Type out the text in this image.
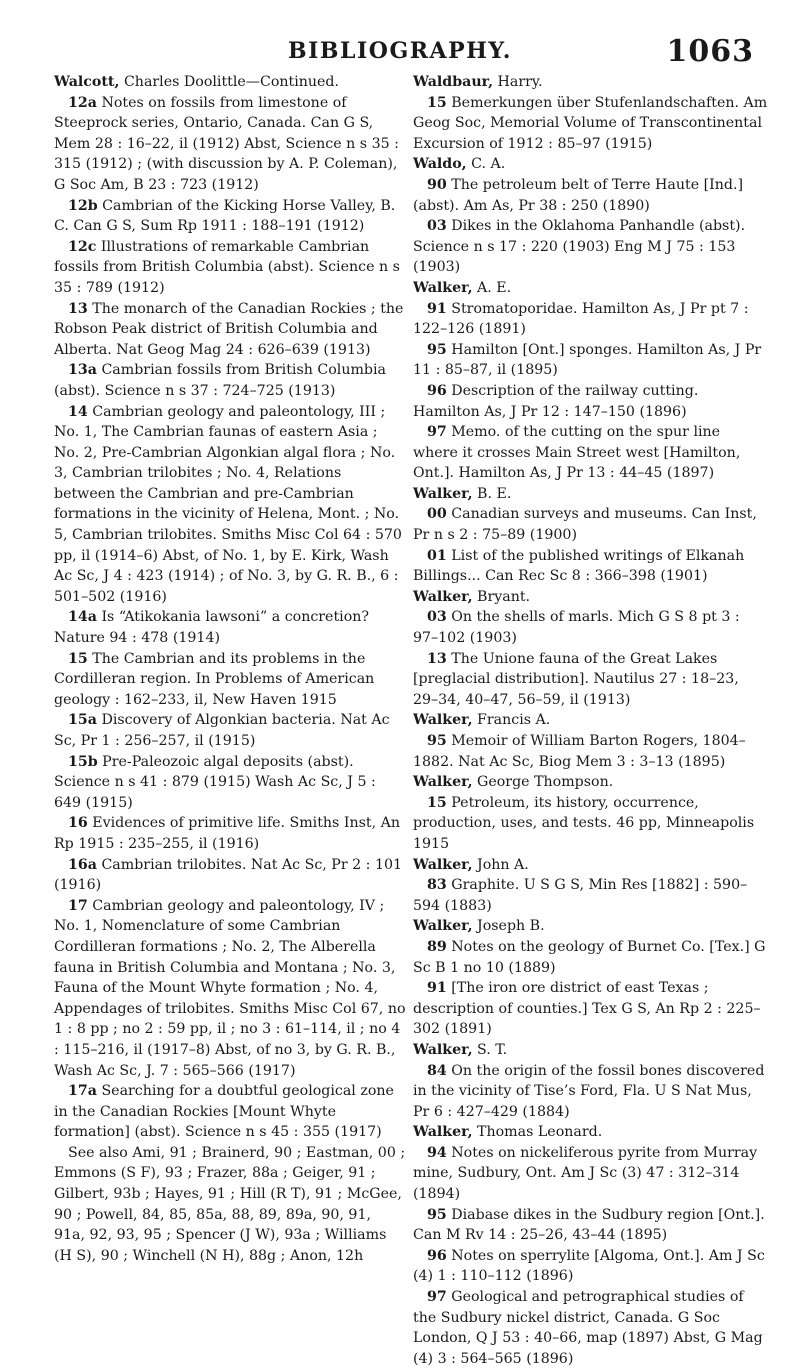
BIBLIOGRAPHY.	1063
Walcott, Charles Doolittle—Continued.
12a Notes on fossils from limestone of Steeprock series, Ontario, Canada. Can G S, Mem 28 : 16–22, il (1912) Abst, Science n s 35 : 315 (1912) ; (with discussion by A. P. Coleman), G Soc Am, B 23 : 723 (1912)
12b Cambrian of the Kicking Horse Valley, B. C. Can G S, Sum Rp 1911 : 188–191 (1912)
12c Illustrations of remarkable Cambrian fossils from British Columbia (abst). Science n s 35 : 789 (1912)
13 The monarch of the Canadian Rockies ; the Robson Peak district of British Columbia and Alberta. Nat Geog Mag 24 : 626–639 (1913)
13a Cambrian fossils from British Columbia (abst). Science n s 37 : 724–725 (1913)
14 Cambrian geology and paleontology, III ; No. 1, The Cambrian faunas of eastern Asia ; No. 2, Pre-Cambrian Algonkian algal flora ; No. 3, Cambrian trilobites ; No. 4, Relations between the Cambrian and pre-Cambrian formations in the vicinity of Helena, Mont. ; No. 5, Cambrian trilobites. Smiths Misc Col 64 : 570 pp, il (1914–6) Abst, of No. 1, by E. Kirk, Wash Ac Sc, J 4 : 423 (1914) ; of No. 3, by G. R. B., 6 : 501–502 (1916)
14a Is “Atikokania lawsoni” a concretion? Nature 94 : 478 (1914)
15 The Cambrian and its problems in the Cordilleran region. In Problems of American geology : 162–233, il, New Haven 1915
15a Discovery of Algonkian bacteria. Nat Ac Sc, Pr 1 : 256–257, il (1915)
15b Pre-Paleozoic algal deposits (abst). Science n s 41 : 879 (1915) Wash Ac Sc, J 5 : 649 (1915)
16 Evidences of primitive life. Smiths Inst, An Rp 1915 : 235–255, il (1916)
16a Cambrian trilobites. Nat Ac Sc, Pr 2 : 101 (1916)
17 Cambrian geology and paleontology, IV ; No. 1, Nomenclature of some Cambrian Cordilleran formations ; No. 2, The Alberella fauna in British Columbia and Montana ; No. 3, Fauna of the Mount Whyte formation ; No. 4, Appendages of trilobites. Smiths Misc Col 67, no 1 : 8 pp ; no 2 : 59 pp, il ; no 3 : 61–114, il ; no 4 : 115–216, il (1917–8) Abst, of no 3, by G. R. B., Wash Ac Sc, J. 7 : 565–566 (1917)
17a Searching for a doubtful geological zone in the Canadian Rockies [Mount Whyte formation] (abst). Science n s 45 : 355 (1917)
See also Ami, 91 ; Brainerd, 90 ; Eastman, 00 ; Emmons (S F), 93 ; Frazer, 88a ; Geiger, 91 ; Gilbert, 93b ; Hayes, 91 ; Hill (R T), 91 ; McGee, 90 ; Powell, 84, 85, 85a, 88, 89, 89a, 90, 91, 91a, 92, 93, 95 ; Spencer (J W), 93a ; Williams (H S), 90 ; Winchell (N H), 88g ; Anon, 12h
Waldbaur, Harry.
15 Bemerkungen über Stufenlandschaften. Am Geog Soc, Memorial Volume of Transcontinental Excursion of 1912 : 85–97 (1915)
Waldo, C. A.
90 The petroleum belt of Terre Haute [Ind.] (abst). Am As, Pr 38 : 250 (1890)
03 Dikes in the Oklahoma Panhandle (abst). Science n s 17 : 220 (1903) Eng M J 75 : 153 (1903)
Walker, A. E.
91 Stromatoporidae. Hamilton As, J Pr pt 7 : 122–126 (1891)
95 Hamilton [Ont.] sponges. Hamilton As, J Pr 11 : 85–87, il (1895)
96 Description of the railway cutting. Hamilton As, J Pr 12 : 147–150 (1896)
97 Memo. of the cutting on the spur line where it crosses Main Street west [Hamilton, Ont.]. Hamilton As, J Pr 13 : 44–45 (1897)
Walker, B. E.
00 Canadian surveys and museums. Can Inst, Pr n s 2 : 75–89 (1900)
01 List of the published writings of Elkanah Billings... Can Rec Sc 8 : 366–398 (1901)
Walker, Bryant.
03 On the shells of marls. Mich G S 8 pt 3 : 97–102 (1903)
13 The Unione fauna of the Great Lakes [preglacial distribution]. Nautilus 27 : 18–23, 29–34, 40–47, 56–59, il (1913)
Walker, Francis A.
95 Memoir of William Barton Rogers, 1804–1882. Nat Ac Sc, Biog Mem 3 : 3–13 (1895)
Walker, George Thompson.
15 Petroleum, its history, occurrence, production, uses, and tests. 46 pp, Minneapolis 1915
Walker, John A.
83 Graphite. U S G S, Min Res [1882] : 590–594 (1883)
Walker, Joseph B.
89 Notes on the geology of Burnet Co. [Tex.] G Sc B 1 no 10 (1889)
91 [The iron ore district of east Texas ; description of counties.] Tex G S, An Rp 2 : 225–302 (1891)
Walker, S. T.
84 On the origin of the fossil bones discovered in the vicinity of Tise’s Ford, Fla. U S Nat Mus, Pr 6 : 427–429 (1884)
Walker, Thomas Leonard.
94 Notes on nickeliferous pyrite from Murray mine, Sudbury, Ont. Am J Sc (3) 47 : 312–314 (1894)
95 Diabase dikes in the Sudbury region [Ont.]. Can M Rv 14 : 25–26, 43–44 (1895)
96 Notes on sperrylite [Algoma, Ont.]. Am J Sc (4) 1 : 110–112 (1896)
97 Geological and petrographical studies of the Sudbury nickel district, Canada. G Soc London, Q J 53 : 40–66, map (1897) Abst, G Mag (4) 3 : 564–565 (1896)
